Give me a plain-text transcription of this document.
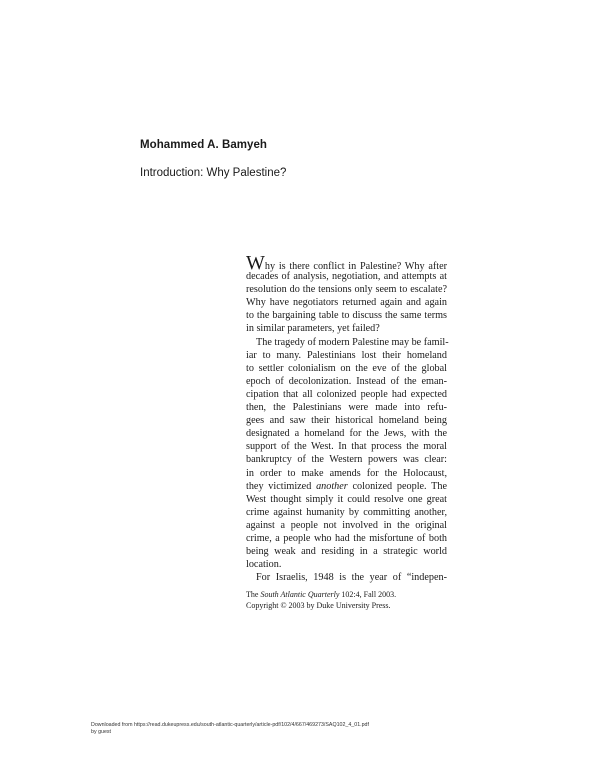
Mohammed A. Bamyeh
Introduction: Why Palestine?
Why is there conflict in Palestine? Why after
decades of analysis, negotiation, and attempts at
resolution do the tensions only seem to escalate?
Why have negotiators returned again and again
to the bargaining table to discuss the same terms
in similar parameters, yet failed?
The tragedy of modern Palestine may be famil-
iar to many. Palestinians lost their homeland
to settler colonialism on the eve of the global
epoch of decolonization. Instead of the eman-
cipation that all colonized people had expected
then, the Palestinians were made into refu-
gees and saw their historical homeland being
designated a homeland for the Jews, with the
support of the West. In that process the moral
bankruptcy of the Western powers was clear:
in order to make amends for the Holocaust,
they victimized another colonized people. The
West thought simply it could resolve one great
crime against humanity by committing another,
against a people not involved in the original
crime, a people who had the misfortune of both
being weak and residing in a strategic world
location.
For Israelis, 1948 is the year of “indepen-
The South Atlantic Quarterly 102:4, Fall 2003.
Copyright © 2003 by Duke University Press.
Downloaded from https://read.dukeupress.edu/south-atlantic-quarterly/article-pdf/102/4/667/469273/SAQ102_4_01.pdf
by guest
